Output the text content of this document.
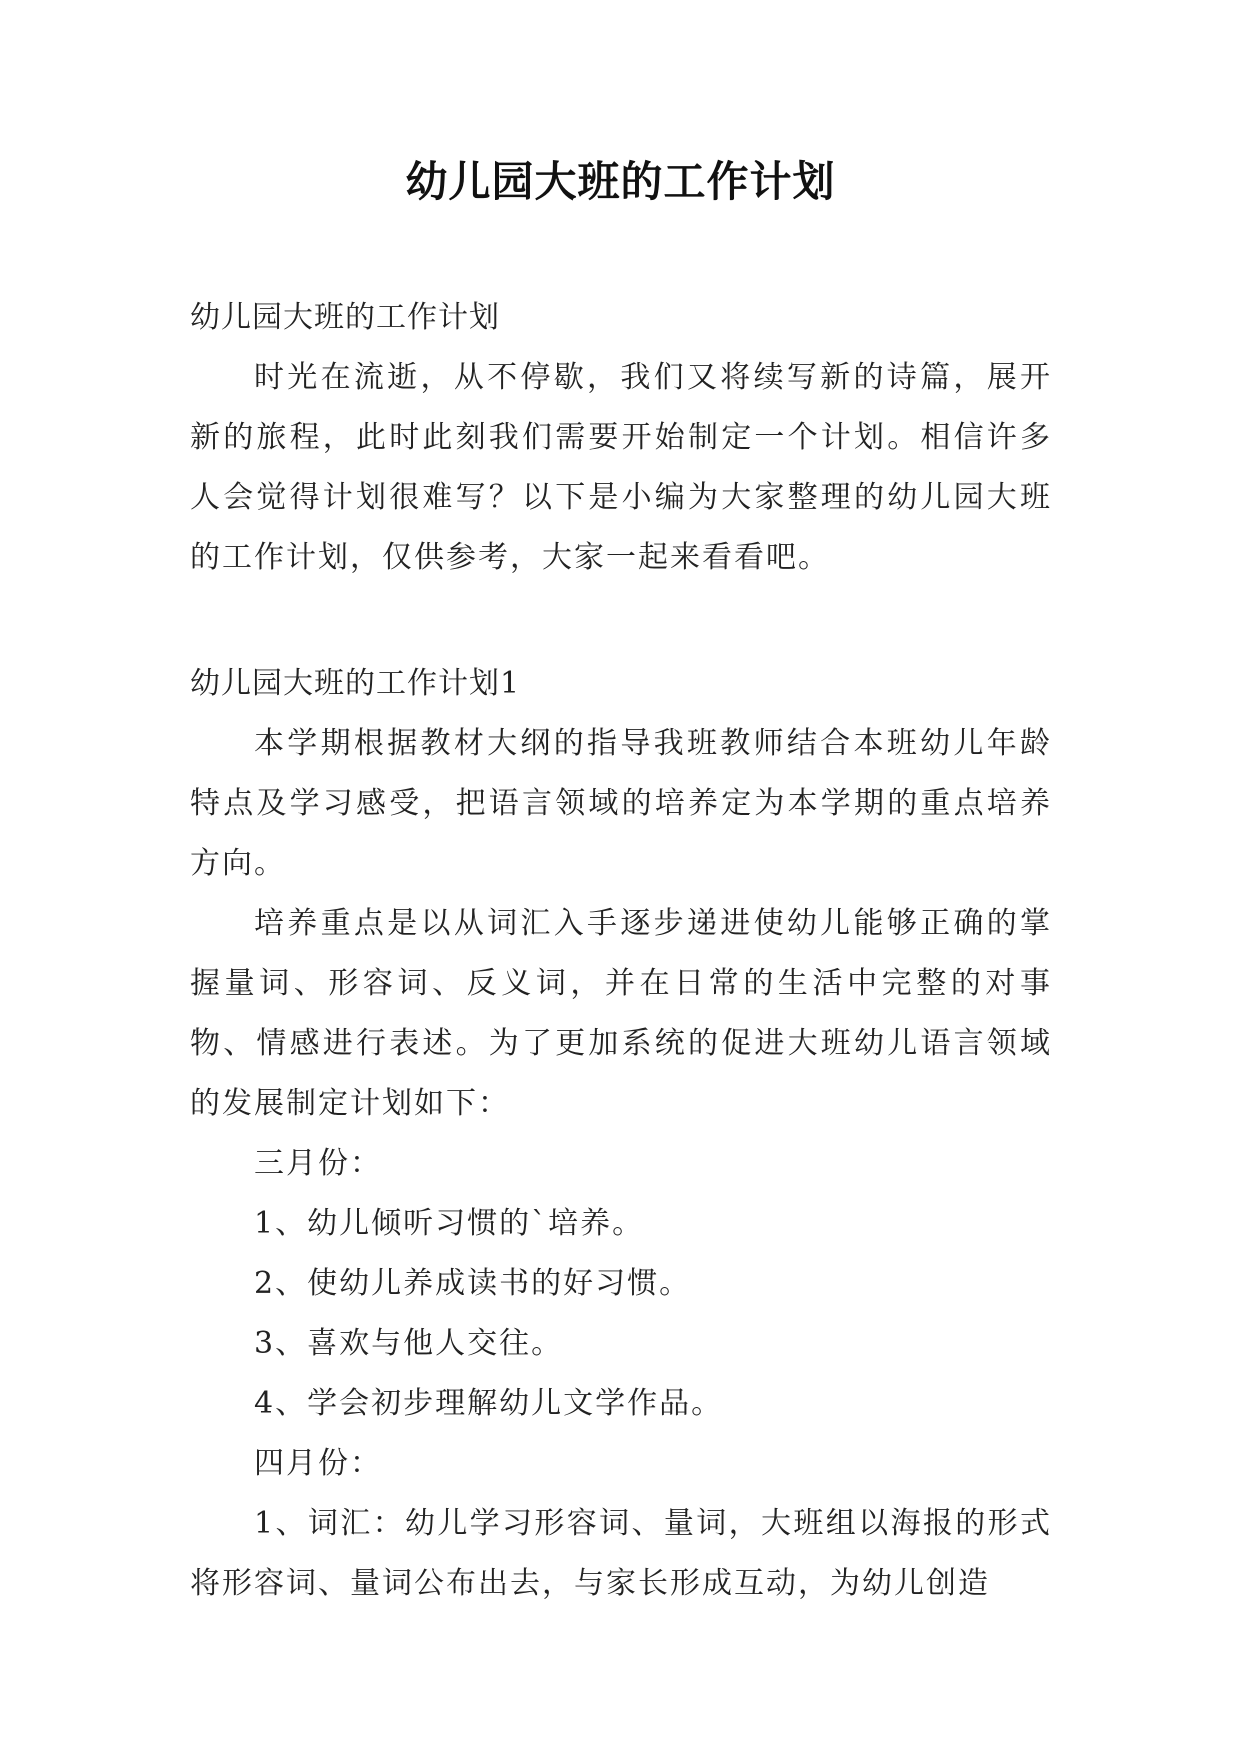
幼儿园大班的工作计划

幼儿园大班的工作计划

时光在流逝，从不停歇，我们又将续写新的诗篇，展开新的旅程，此时此刻我们需要开始制定一个计划。相信许多人会觉得计划很难写？以下是小编为大家整理的幼儿园大班的工作计划，仅供参考，大家一起来看看吧。

幼儿园大班的工作计划1

本学期根据教材大纲的指导我班教师结合本班幼儿年龄特点及学习感受，把语言领域的培养定为本学期的重点培养方向。

培养重点是以从词汇入手逐步递进使幼儿能够正确的掌握量词、形容词、反义词，并在日常的生活中完整的对事物、情感进行表述。为了更加系统的促进大班幼儿语言领域的发展制定计划如下：

三月份：

1、幼儿倾听习惯的`培养。

2、使幼儿养成读书的好习惯。

3、喜欢与他人交往。

4、学会初步理解幼儿文学作品。

四月份：

1、词汇：幼儿学习形容词、量词，大班组以海报的形式将形容词、量词公布出去，与家长形成互动，为幼儿创造
